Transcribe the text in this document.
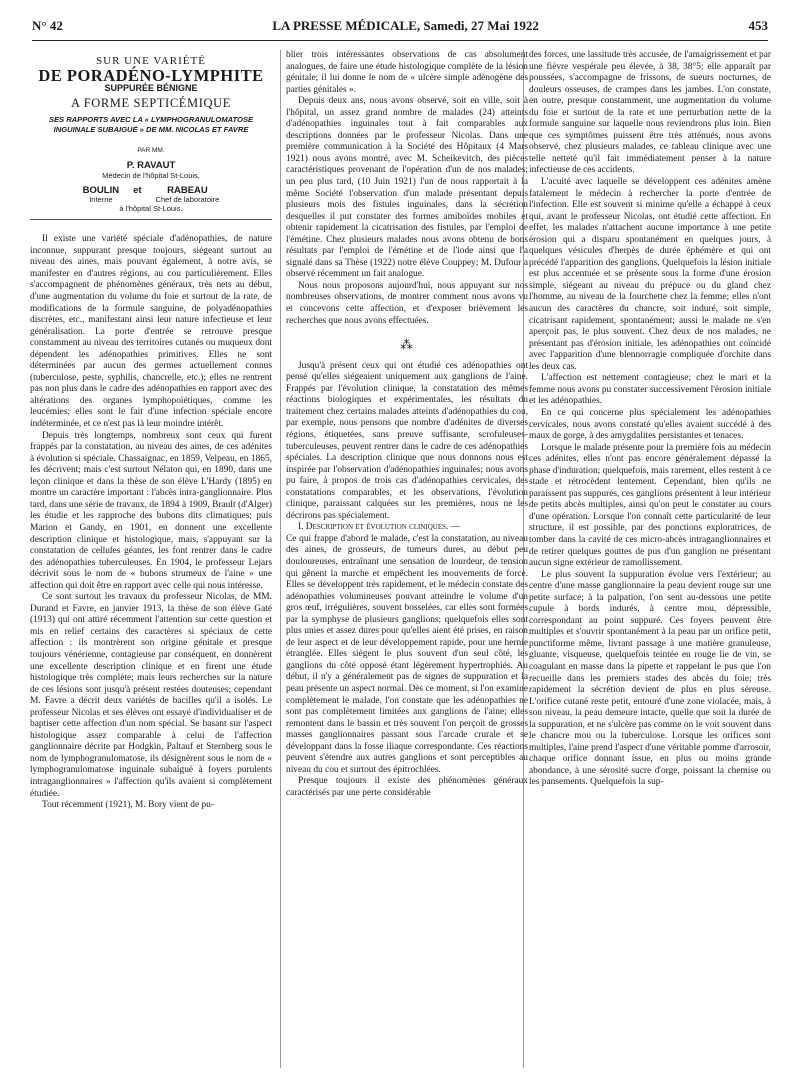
N° 42	LA PRESSE MÉDICALE, Samedi, 27 Mai 1922	453
SUR UNE VARIÉTÉ
DE PORADÉNO-LYMPHITE
SUPPURÉE BÉNIGNE
A FORME SEPTICÉMIQUE
SES RAPPORTS AVEC LA « LYMPHOGRANULOMATOSE INGUINALE SUBAIGUË » DE MM. NICOLAS ET FAVRE
PAR MM.
P. RAVAUT
Médecin de l'hôpital St-Louis,
BOULIN
Interne
et	RABEAU
Chef de laboratoire
à l'hôpital St-Louis.

Il existe une variété spéciale d'adénopathies, de nature inconnue, suppurant presque toujours, siégeant surtout au niveau des aines, mais pouvant également, à notre avis, se manifester en d'autres régions, au cou particulièrement. Elles s'accompagnent de phénomènes généraux, très nets au début, d'une augmentation du volume du foie et surtout de la rate, de modifications de la formule sanguine, de polyadénopathies discrètes, etc., manifestant ainsi leur nature infectieuse et leur généralisation. La porte d'entrée se retrouve presque constamment au niveau des territoires cutanés ou muqueux dont dépendent les adénopathies primitives. Elles ne sont déterminées par aucun des germes actuellement connus (tuberculose, peste, syphilis, chancrelle, etc.); elles ne rentrent pas non plus dans le cadre des adénopathies en rapport avec des altérations des organes lymphopoïétiques, comme les leucémies; elles sont le fait d'une infection spéciale encore indéterminée, et ce n'est pas là leur moindre intérêt.

Depuis très longtemps, nombreux sont ceux qui furent frappés par la constatation, au niveau des aines, de ces adénites à évolution si spéciale. Chassaignac, en 1859, Velpeau, en 1865, les décrivent; mais c'est surtout Nélaton qui, en 1890, dans une leçon clinique et dans la thèse de son élève L'Hardy (1895) en montre un caractère important : l'abcès intra-ganglionnaire. Plus tard, dans une série de travaux, de 1894 à 1909, Brault (d'Alger) les étudie et les rapproche des bubons dits climatiques; puis Marion et Gandy, en 1901, en donnent une excellente description clinique et histologique, mais, s'appuyant sur la constatation de cellules géantes, les font rentrer dans le cadre des adénopathies tuberculeuses. En 1904, le professeur Lejars décrivit sous le nom de « bubons strumeux de l'aine » une affection qui doit être en rapport avec celle qui nous intéresse.

Ce sont surtout les travaux du professeur Nicolas, de MM. Durand et Favre, en janvier 1913, la thèse de son élève Gaté (1913) qui ont attiré récemment l'attention sur cette question et mis en relief certains des caractères si spéciaux de cette affection : ils montrèrent son origine génitale et presque toujours vénérienne, contagieuse par conséquent, en donnèrent une excellente description clinique et en firent une étude histologique très complète; mais leurs recherches sur la nature de ces lésions sont jusqu'à présent restées douteuses; cependant M. Favre a décrit deux variétés de bacilles qu'il a isolés. Le professeur Nicolas et ses élèves ont essayé d'individualiser et de baptiser cette affection d'un nom spécial. Se basant sur l'aspect histologique assez comparable à celui de l'affection ganglionnaire décrite par Hodgkin, Paltauf et Sternberg sous le nom de lymphogranulomatose, ils désignèrent sous le nom de « lymphogranulomatose inguinale subaiguë à foyers purulents intraganglionnaires » l'affection qu'ils avaient si complètement étudiée.

Tout récemment (1921), M. Bory vient de pu-

blier trois intéressantes observations de cas absolument analogues, de faire une étude histologique complète de la lésion génitale; il lui donne le nom de « ulcère simple adénogène des parties génitales ».

Depuis deux ans, nous avons observé, soit en ville, soit à l'hôpital, un assez grand nombre de malades (24) atteints d'adénopathies inguinales tout à fait comparables aux descriptions données par le professeur Nicolas. Dans une première communication à la Société des Hôpitaux (4 Mars 1921) nous avons montré, avec M. Scheikevitch, des pièces caractéristiques provenant de l'opération d'un de nos malades; un peu plus tard, (10 Juin 1921) l'un de nous rapportait à la même Société l'observation d'un malade présentant depuis plusieurs mois des fistules inguinales, dans la sécrétion desquelles il put constater des formes amiboïdes mobiles et obtenir rapidement la cicatrisation des fistules, par l'emploi de l'émétine. Chez plusieurs malades nous avons obtenu de bons résultats par l'emploi de l'émétine et de l'iode ainsi que l'a signalé dans sa Thèse (1922) notre élève Couppey; M. Dufour a observé récemment un fait analogue.

Nous nous proposons aujourd'hui, nous appuyant sur nos nombreuses observations, de montrer comment nous avons vu et concevons cette affection, et d'exposer brièvement les recherches que nous avons effectuées.

⁂

Jusqu'à présent ceux qui ont étudié ces adénopathies ont pensé qu'elles siégeaient uniquement aux ganglions de l'aine. Frappés par l'évolution clinique, la constatation des mêmes réactions biologiques et expérimentales, les résultats du traitement chez certains malades atteints d'adénopathies du cou, par exemple, nous pensons que nombre d'adénites de diverses régions, étiquetées, sans preuve suffisante, scrofuleuses-tuberculeuses, peuvent rentrer dans le cadre de ces adénopathies spéciales. La description clinique que nous donnons nous est inspirée par l'observation d'adénopathies inguinales; nous avons pu faire, à propos de trois cas d'adénopathies cervicales, des constatations comparables, et les observations, l'évolution clinique, paraissant calquées sur les premières, nous ne les décrirons pas spécialement.

I. Description et évolution cliniques. —

Ce qui frappe d'abord le malade, c'est la constatation, au niveau des aines, de grosseurs, de tumeurs dures, au début peu douloureuses, entraînant une sensation de lourdeur, de tension qui gênent la marche et empêchent les mouvements de force. Elles se développent très rapidement, et le médecin constate des adénopathies volumineuses pouvant atteindre le volume d'un gros œuf, irrégulières, souvent bosselées, car elles sont formées par la symphyse de plusieurs ganglions; quelquefois elles sont plus unies et assez dures pour qu'elles aient été prises, en raison de leur aspect et de leur développement rapide, pour une hernie étranglée. Elles siègent le plus souvent d'un seul côté, les ganglions du côté opposé étant légèrement hypertrophiés. Au début, il n'y a généralement pas de signes de suppuration et la peau présente un aspect normal. Dès ce moment, si l'on examine complètement le malade, l'on constate que les adénopathies ne sont pas complètement limitées aux ganglions de l'aine; elles remontent dans le bassin et très souvent l'on perçoit de grosses masses ganglionnaires passant sous l'arcade crurale et se développant dans la fosse iliaque correspondante. Ces réactions peuvent s'étendre aux autres ganglions et sont perceptibles au niveau du cou et surtout des épitrochlées.

Presque toujours il existe des phénomènes généraux caractérisés par une perte considérable

des forces, une lassitude très accusée, de l'amaigrissement et par une fièvre vespérale peu élevée, à 38, 38°5; elle apparaît par poussées, s'accompagne de frissons, de sueurs nocturnes, de douleurs osseuses, de crampes dans les jambes. L'on constate, en outre, presque constamment, une augmentation du volume du foie et surtout de la rate et une perturbation nette de la formule sanguine sur laquelle nous reviendrons plus loin. Bien que ces symptômes puissent être très atténués, nous avons observé, chez plusieurs malades, ce tableau clinique avec une telle netteté qu'il fait immédiatement penser à la nature infectieuse de ces accidents.

L'acuité avec laquelle se développent ces adénites amène fatalement le médecin à rechercher la porte d'entrée de l'infection. Elle est souvent si minime qu'elle a échappé à ceux qui, avant le professeur Nicolas, ont étudié cette affection. En effet, les malades n'attachent aucune importance à une petite érosion qui a disparu spontanément en quelques jours, à quelques vésicules d'herpès de durée éphémère et qui ont précédé l'apparition des ganglions. Quelquefois la lésion initiale est plus accentuée et se présente sous la forme d'une érosion simple, siégeant au niveau du prépuce ou du gland chez l'homme, au niveau de la fourchette chez la femme; elles n'ont aucun des caractères du chancre, soit induré, soit simple, cicatrisant rapidement, spontanément; aussi le malade ne s'en aperçoit pas, le plus souvent. Chez deux de nos malades, ne présentant pas d'érosion initiale, les adénopathies ont coïncidé avec l'apparition d'une blennorragie compliquée d'orchite dans les deux cas.

L'affection est nettement contagieuse; chez le mari et la femme nous avons pu constater successivement l'érosion initiale et les adénopathies.

En ce qui concerne plus spécialement les adénopathies cervicales, nous avons constaté qu'elles avaient succédé à des maux de gorge, à des amygdalites persistantes et tenaces.

Lorsque le malade présente pour la première fois au médecin ces adénites, elles n'ont pas encore généralement dépassé la phase d'induration; quelquefois, mais rarement, elles restent à ce stade et rétrocèdent lentement. Cependant, bien qu'ils ne paraissent pas suppurés, ces ganglions présentent à leur intérieur de petits abcès multiples, ainsi qu'on peut le constater au cours d'une opération. Lorsque l'on connaît cette particularité de leur structure, il est possible, par des ponctions exploratrices, de tomber dans la cavité de ces micro-abcès intraganglionnaires et de retirer quelques gouttes de pus d'un ganglion ne présentant aucun signe extérieur de ramollissement.

Le plus souvent la suppuration évolue vers l'extérieur; au centre d'une masse ganglionnaire la peau devient rouge sur une petite surface; à la palpation, l'on sent au-dessous une petite cupule à bords indurés, à centre mou, dépressible, correspondant au point suppuré. Ces foyers peuvent être multiples et s'ouvrir spontanément à la peau par un orifice petit, punctiforme même, livrant passage à une matière granuleuse, gluante, visqueuse, quelquefois teintée en rouge lie de vin, se coagulant en masse dans la pipette et rappelant le pus que l'on recueille dans les premiers stades des abcès du foie; très rapidement la sécrétion devient de plus en plus séreuse. L'orifice cutané reste petit, entouré d'une zone violacée, mais, à son niveau, la peau demeure intacte, quelle que soit la durée de la suppuration, et ne s'ulcère pas comme on le voit souvent dans le chancre mou ou la tuberculose. Lorsque les orifices sont multiples, l'aine prend l'aspect d'une véritable pomme d'arrosoir, chaque orifice donnant issue, en plus ou moins grande abondance, à une sérosité sucre d'orge, poissant la chemise ou les pansements. Quelquefois la sup-
